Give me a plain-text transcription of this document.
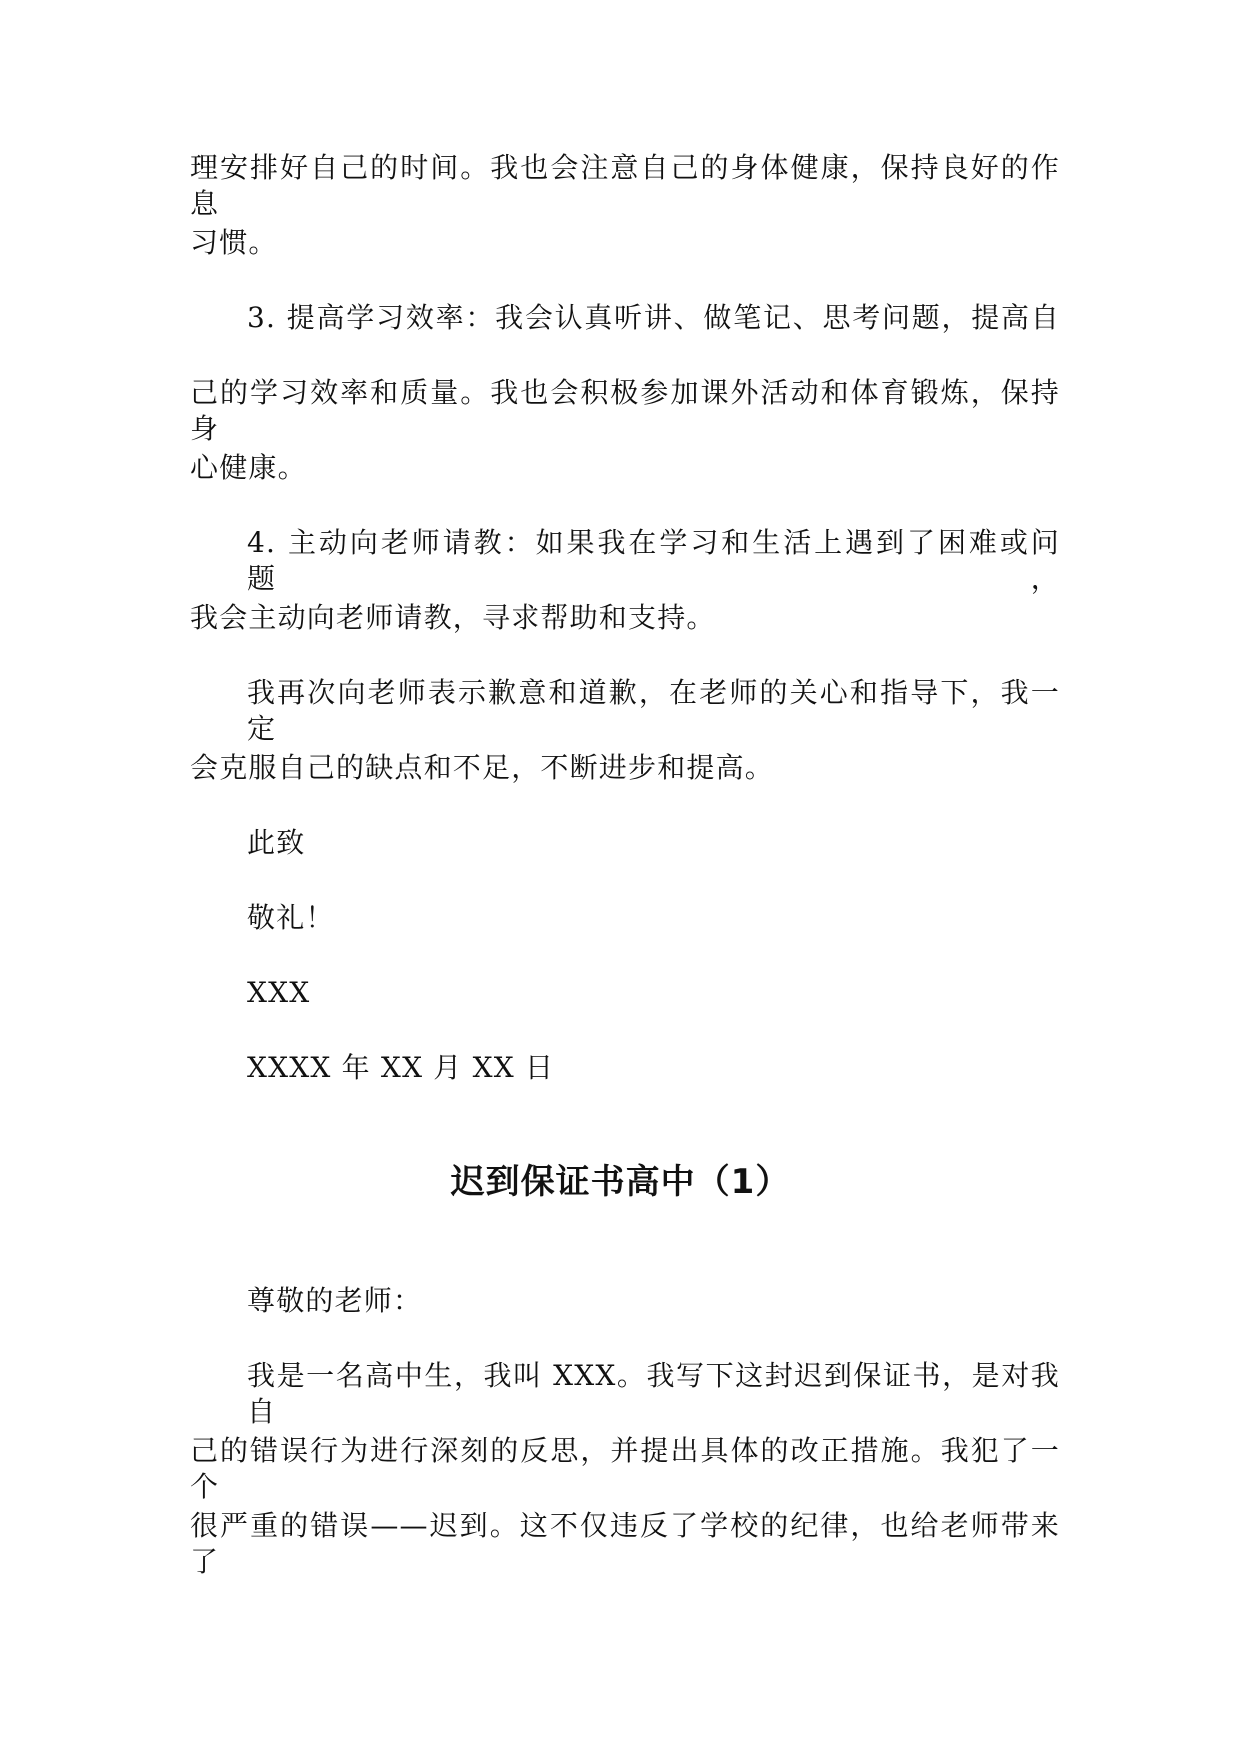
理安排好自己的时间。我也会注意自己的身体健康，保持良好的作息
习惯。
3. 提高学习效率：我会认真听讲、做笔记、思考问题，提高自
己的学习效率和质量。我也会积极参加课外活动和体育锻炼，保持身
心健康。
4. 主动向老师请教：如果我在学习和生活上遇到了困难或问题，
我会主动向老师请教，寻求帮助和支持。
我再次向老师表示歉意和道歉，在老师的关心和指导下，我一定
会克服自己的缺点和不足，不断进步和提高。
此致
敬礼！
XXX
XXXX 年 XX 月 XX 日
迟到保证书高中（1）
尊敬的老师：
我是一名高中生，我叫 XXX。我写下这封迟到保证书，是对我自
己的错误行为进行深刻的反思，并提出具体的改正措施。我犯了一个
很严重的错误——迟到。这不仅违反了学校的纪律，也给老师带来了
